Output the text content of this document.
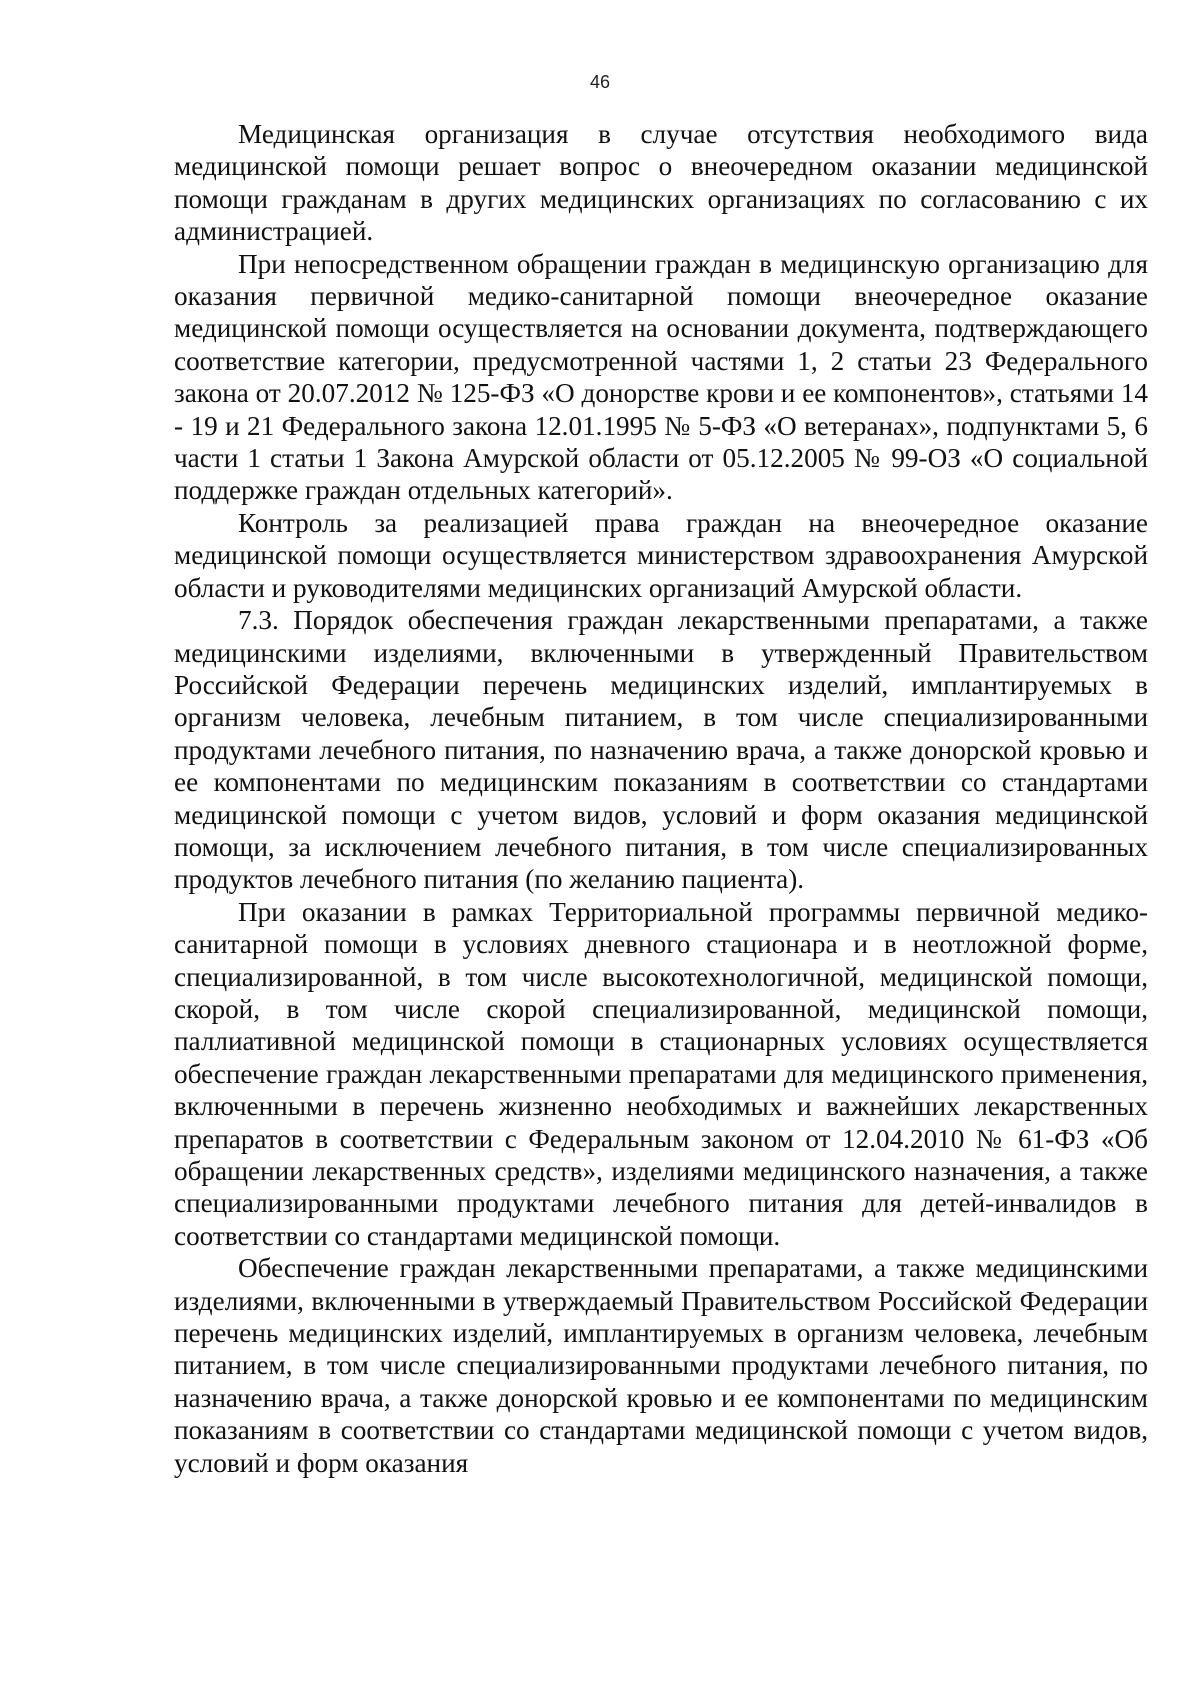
46

Медицинская организация в случае отсутствия необходимого вида медицинской помощи решает вопрос о внеочередном оказании медицинской помощи гражданам в других медицинских организациях по согласованию с их администрацией.

При непосредственном обращении граждан в медицинскую организацию для оказания первичной медико-санитарной помощи внеочередное оказание медицинской помощи осуществляется на основании документа, подтверждающего соответствие категории, предусмотренной частями 1, 2 статьи 23 Федерального закона от 20.07.2012 № 125-ФЗ «О донорстве крови и ее компонентов», статьями 14 - 19 и 21 Федерального закона 12.01.1995 № 5-ФЗ «О ветеранах», подпунктами 5, 6 части 1 статьи 1 Закона Амурской области от 05.12.2005 № 99-ОЗ «О социальной поддержке граждан отдельных категорий».

Контроль за реализацией права граждан на внеочередное оказание медицинской помощи осуществляется министерством здравоохранения Амурской области и руководителями медицинских организаций Амурской области.

7.3. Порядок обеспечения граждан лекарственными препаратами, а также медицинскими изделиями, включенными в утвержденный Правительством Российской Федерации перечень медицинских изделий, имплантируемых в организм человека, лечебным питанием, в том числе специализированными продуктами лечебного питания, по назначению врача, а также донорской кровью и ее компонентами по медицинским показаниям в соответствии со стандартами медицинской помощи с учетом видов, условий и форм оказания медицинской помощи, за исключением лечебного питания, в том числе специализированных продуктов лечебного питания (по желанию пациента).

При оказании в рамках Территориальной программы первичной медико-санитарной помощи в условиях дневного стационара и в неотложной форме, специализированной, в том числе высокотехнологичной, медицинской помощи, скорой, в том числе скорой специализированной, медицинской помощи, паллиативной медицинской помощи в стационарных условиях осуществляется обеспечение граждан лекарственными препаратами для медицинского применения, включенными в перечень жизненно необходимых и важнейших лекарственных препаратов в соответствии с Федеральным законом от 12.04.2010 № 61-ФЗ «Об обращении лекарственных средств», изделиями медицинского назначения, а также специализированными продуктами лечебного питания для детей-инвалидов в соответствии со стандартами медицинской помощи.

Обеспечение граждан лекарственными препаратами, а также медицинскими изделиями, включенными в утверждаемый Правительством Российской Федерации перечень медицинских изделий, имплантируемых в организм человека, лечебным питанием, в том числе специализированными продуктами лечебного питания, по назначению врача, а также донорской кровью и ее компонентами по медицинским показаниям в соответствии со стандартами медицинской помощи с учетом видов, условий и форм оказания
